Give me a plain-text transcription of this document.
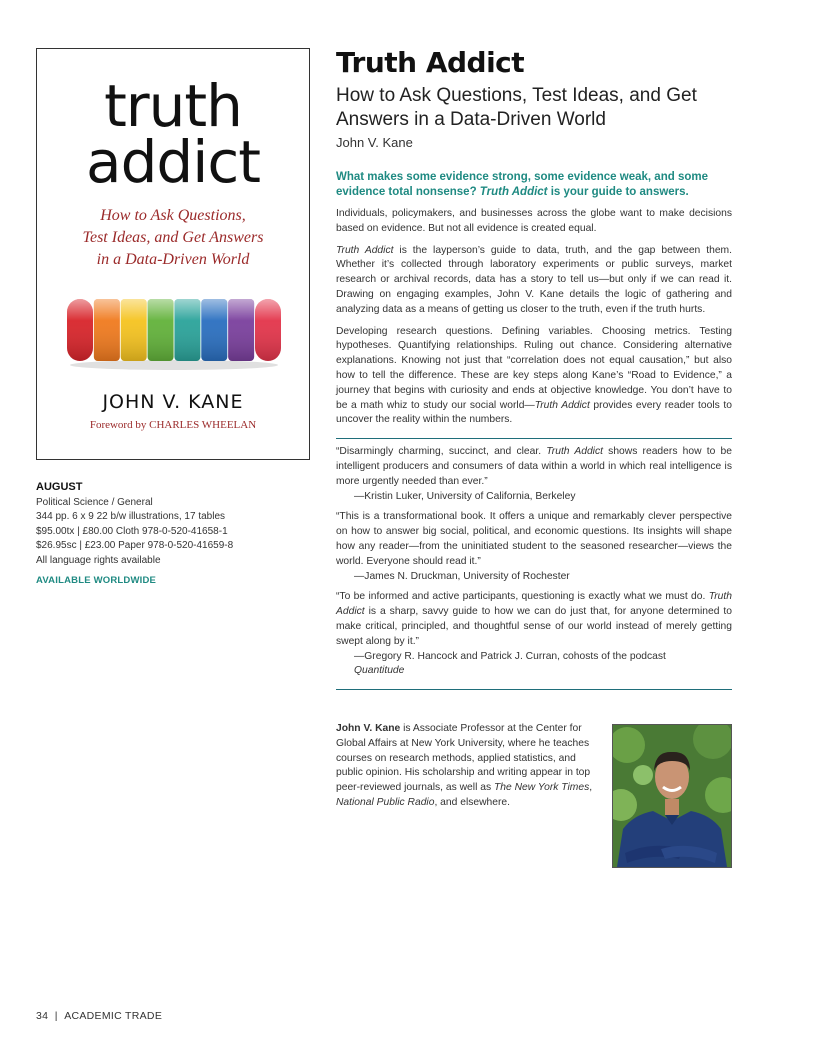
truth
addict
How to Ask Questions,
Test Ideas, and Get Answers
in a Data-Driven World
JOHN V. KANE
Foreword by CHARLES WHEELAN
AUGUST
Political Science / General
344 pp. 6 x 9 22 b/w illustrations, 17 tables
$95.00tx | £80.00 Cloth 978-0-520-41658-1
$26.95sc | £23.00 Paper 978-0-520-41659-8
All language rights available
AVAILABLE WORLDWIDE
Truth Addict
How to Ask Questions, Test Ideas, and Get Answers in a Data-Driven World
John V. Kane
What makes some evidence strong, some evidence weak, and some evidence total nonsense? Truth Addict is your guide to answers.
Individuals, policymakers, and businesses across the globe want to make decisions based on evidence. But not all evidence is created equal.
Truth Addict is the layperson’s guide to data, truth, and the gap between them. Whether it’s collected through laboratory experiments or public surveys, market research or archival records, data has a story to tell us—but only if we can read it. Drawing on engaging examples, John V. Kane details the logic of gathering and analyzing data as a means of getting us closer to the truth, even if the truth hurts.
Developing research questions. Defining variables. Choosing metrics. Testing hypotheses. Quantifying relationships. Ruling out chance. Considering alternative explanations. Knowing not just that “correlation does not equal causation,” but also how to tell the difference. These are key steps along Kane’s “Road to Evidence,” a journey that begins with curiosity and ends at objective knowledge. You don’t have to be a math whiz to study our social world—Truth Addict provides every reader tools to uncover the reality within the numbers.
“Disarmingly charming, succinct, and clear. Truth Addict shows readers how to be intelligent producers and consumers of data within a world in which real intelligence is more urgently needed than ever.”
—Kristin Luker, University of California, Berkeley
“This is a transformational book. It offers a unique and remarkably clever perspective on how to answer big social, political, and economic questions. Its insights will shape how any reader—from the uninitiated student to the seasoned researcher—views the world. Everyone should read it.”
—James N. Druckman, University of Rochester
“To be informed and active participants, questioning is exactly what we must do. Truth Addict is a sharp, savvy guide to how we can do just that, for anyone determined to make critical, principled, and thoughtful sense of our world instead of merely getting swept along by it.”
—Gregory R. Hancock and Patrick J. Curran, cohosts of the podcast
Quantitude
John V. Kane is Associate Professor at the Center for Global Affairs at New York University, where he teaches courses on research methods, applied statistics, and public opinion. His scholarship and writing appear in top peer-reviewed journals, as well as The New York Times, National Public Radio, and elsewhere.
34 | ACADEMIC TRADE
